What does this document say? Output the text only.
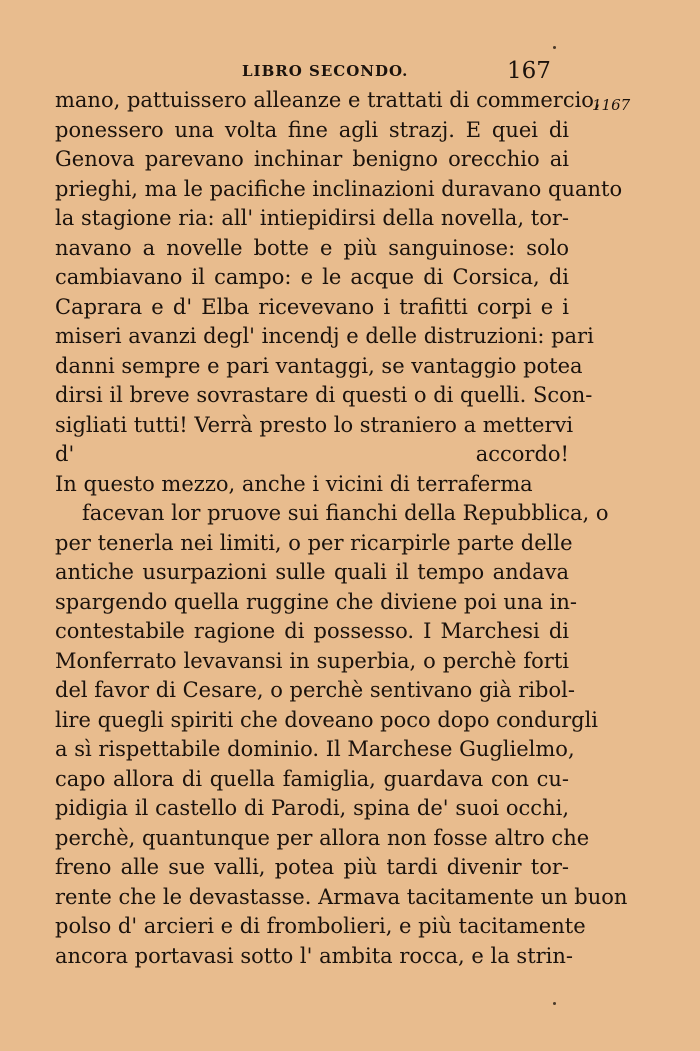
LIBRO SECONDO.	167
1167
mano, pattuissero alleanze e trattati di commercio,
ponessero una volta fine agli strazj. E quei di
Genova parevano inchinar benigno orecchio ai
prieghi, ma le pacifiche inclinazioni duravano quanto
la stagione ria: all' intiepidirsi della novella, tor-
navano a novelle botte e più sanguinose: solo
cambiavano il campo: e le acque di Corsica, di
Caprara e d' Elba ricevevano i trafitti corpi e i
miseri avanzi degl' incendj e delle distruzioni: pari
danni sempre e pari vantaggi, se vantaggio potea
dirsi il breve sovrastare di questi o di quelli. Scon-
sigliati tutti! Verrà presto lo straniero a mettervi
d' accordo!
In questo mezzo, anche i vicini di terraferma
facevan lor pruove sui fianchi della Repubblica, o
per tenerla nei limiti, o per ricarpirle parte delle
antiche usurpazioni sulle quali il tempo andava
spargendo quella ruggine che diviene poi una in-
contestabile ragione di possesso. I Marchesi di
Monferrato levavansi in superbia, o perchè forti
del favor di Cesare, o perchè sentivano già ribol-
lire quegli spiriti che doveano poco dopo condurgli
a sì rispettabile dominio. Il Marchese Guglielmo,
capo allora di quella famiglia, guardava con cu-
pidigia il castello di Parodi, spina de' suoi occhi,
perchè, quantunque per allora non fosse altro che
freno alle sue valli, potea più tardi divenir tor-
rente che le devastasse. Armava tacitamente un buon
polso d' arcieri e di frombolieri, e più tacitamente
ancora portavasi sotto l' ambita rocca, e la strin-
